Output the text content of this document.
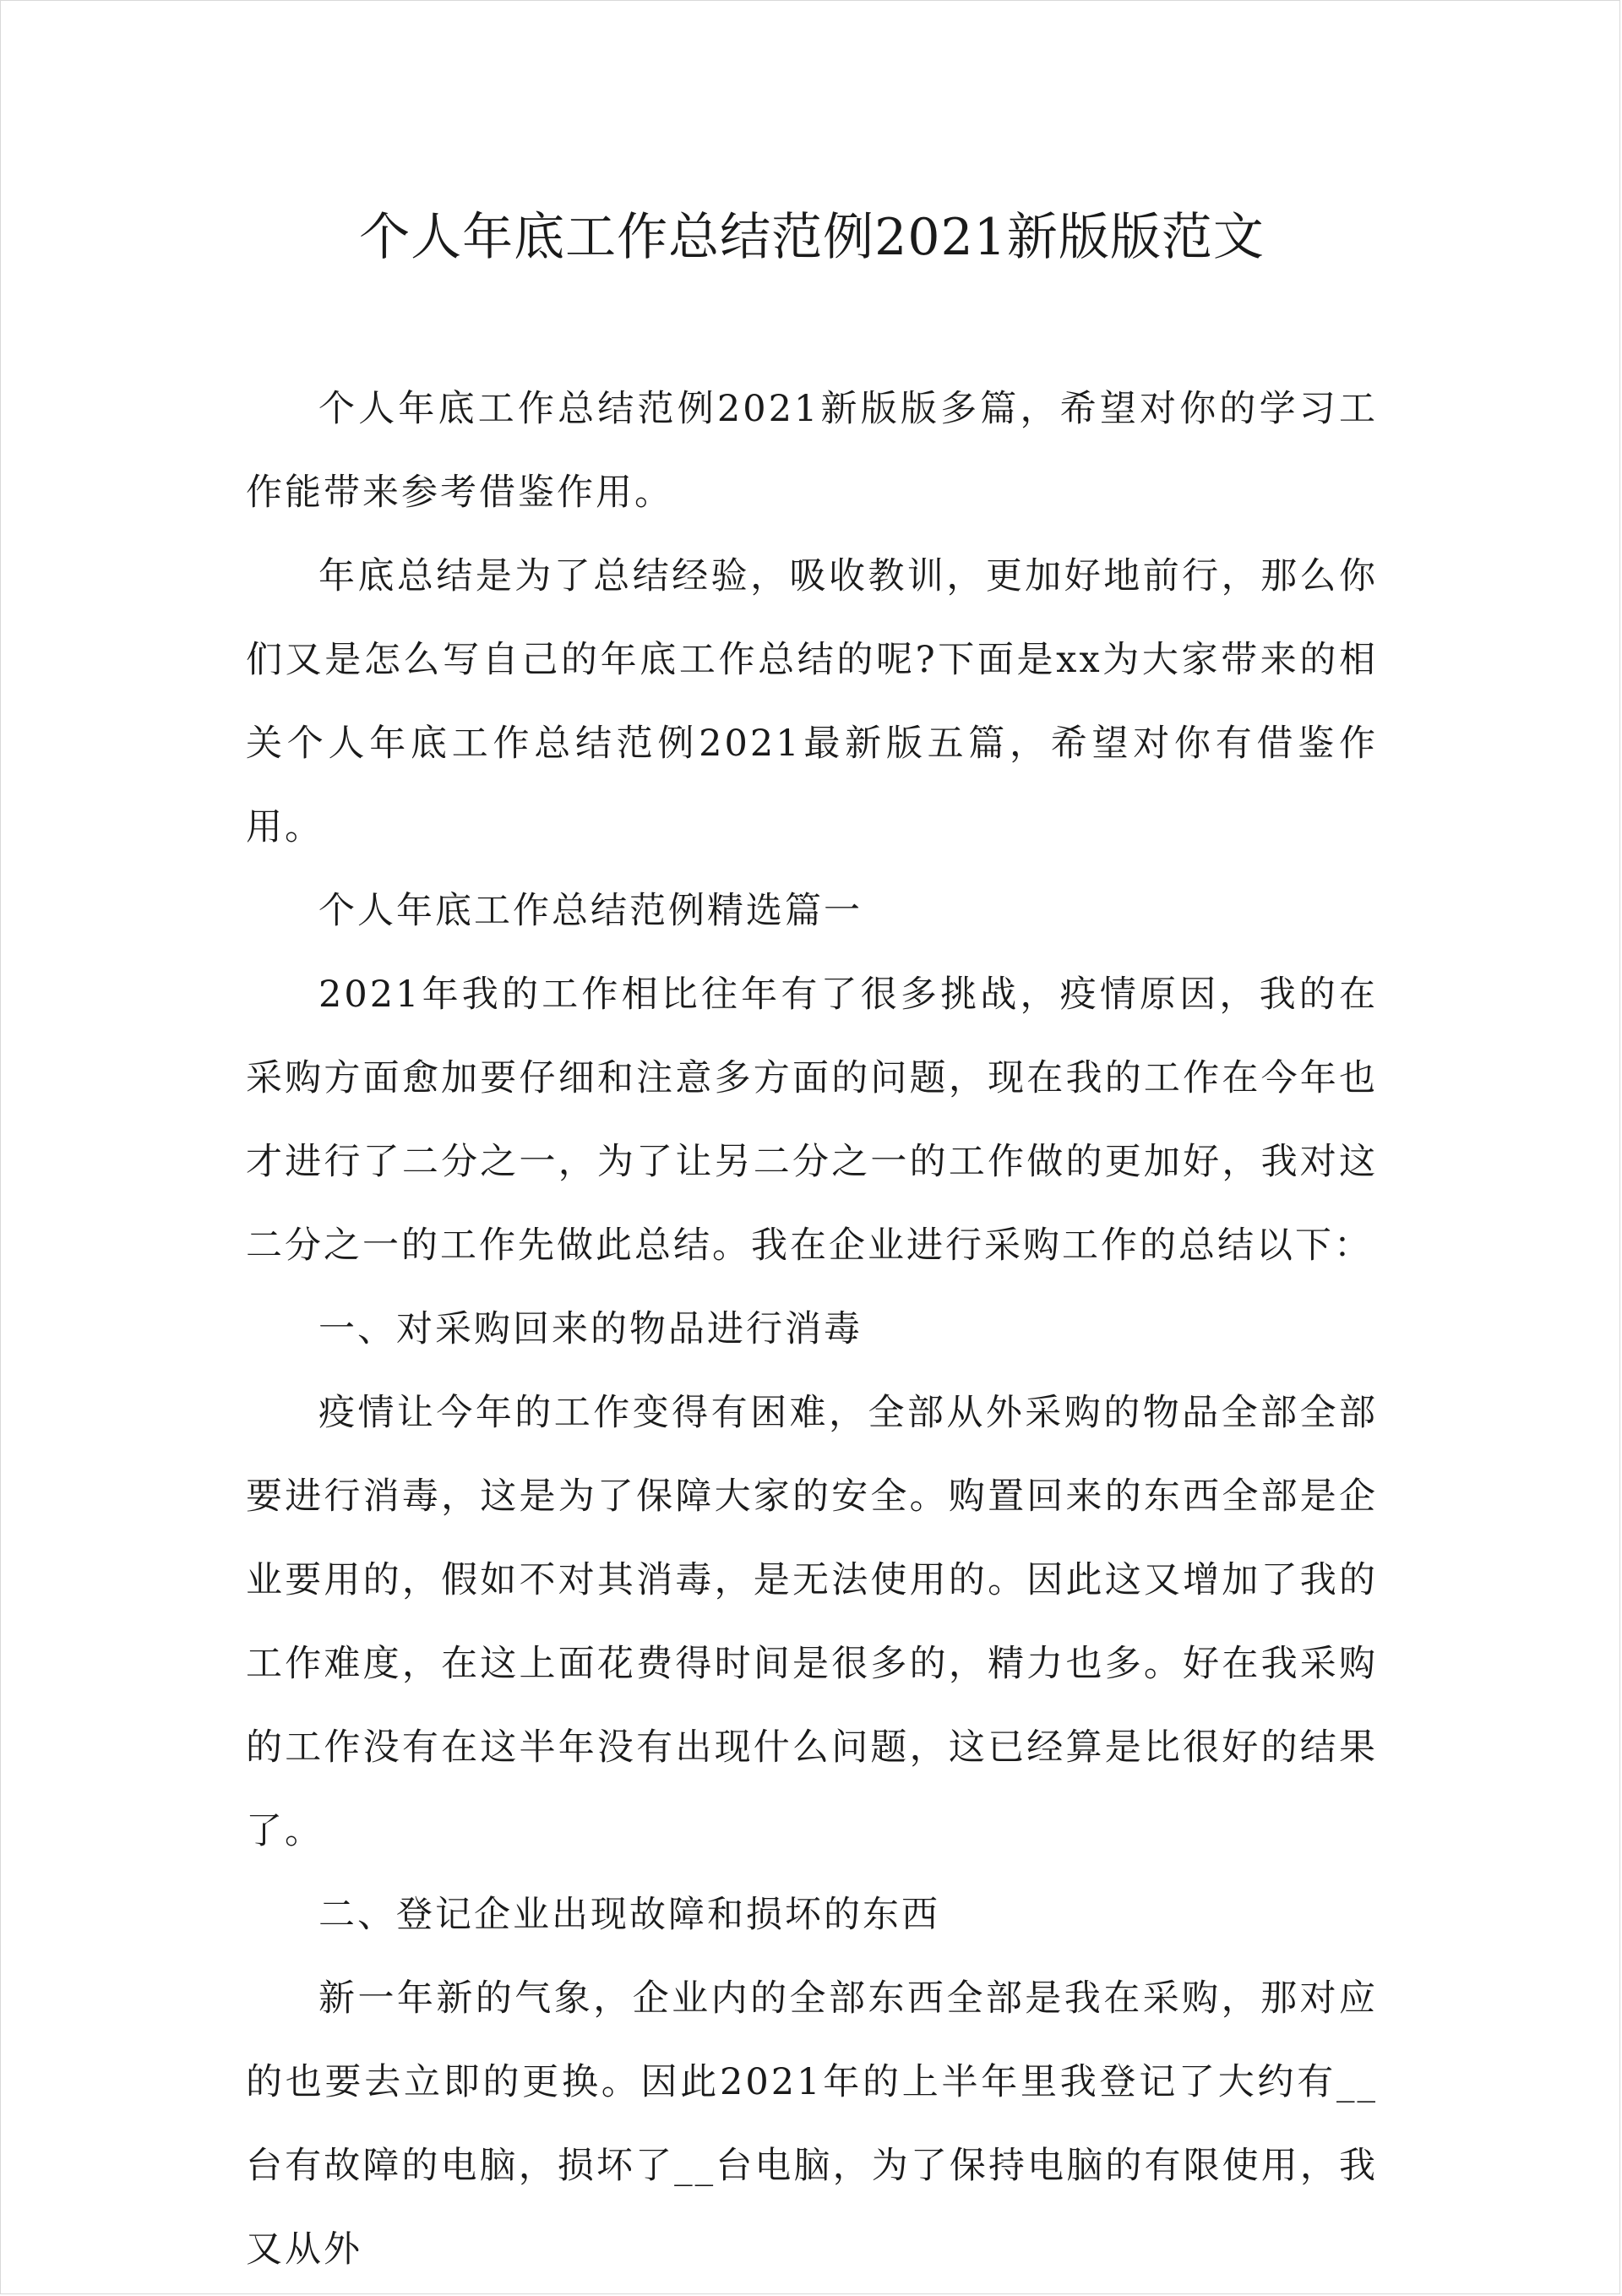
个人年底工作总结范例2021新版版范文

个人年底工作总结范例2021新版版多篇，希望对你的学习工作能带来参考借鉴作用。

年底总结是为了总结经验，吸收教训，更加好地前行，那么你们又是怎么写自己的年底工作总结的呢?下面是xx为大家带来的相关个人年底工作总结范例2021最新版五篇，希望对你有借鉴作用。

个人年底工作总结范例精选篇一

2021年我的工作相比往年有了很多挑战，疫情原因，我的在采购方面愈加要仔细和注意多方面的问题，现在我的工作在今年也才进行了二分之一，为了让另二分之一的工作做的更加好，我对这二分之一的工作先做此总结。我在企业进行采购工作的总结以下：

一、对采购回来的物品进行消毒

疫情让今年的工作变得有困难，全部从外采购的物品全部全部要进行消毒，这是为了保障大家的安全。购置回来的东西全部是企业要用的，假如不对其消毒，是无法使用的。因此这又增加了我的工作难度，在这上面花费得时间是很多的，精力也多。好在我采购的工作没有在这半年没有出现什么问题，这已经算是比很好的结果了。

二、登记企业出现故障和损坏的东西

新一年新的气象，企业内的全部东西全部是我在采购，那对应的也要去立即的更换。因此2021年的上半年里我登记了大约有__台有故障的电脑，损坏了__台电脑，为了保持电脑的有限使用，我又从外
